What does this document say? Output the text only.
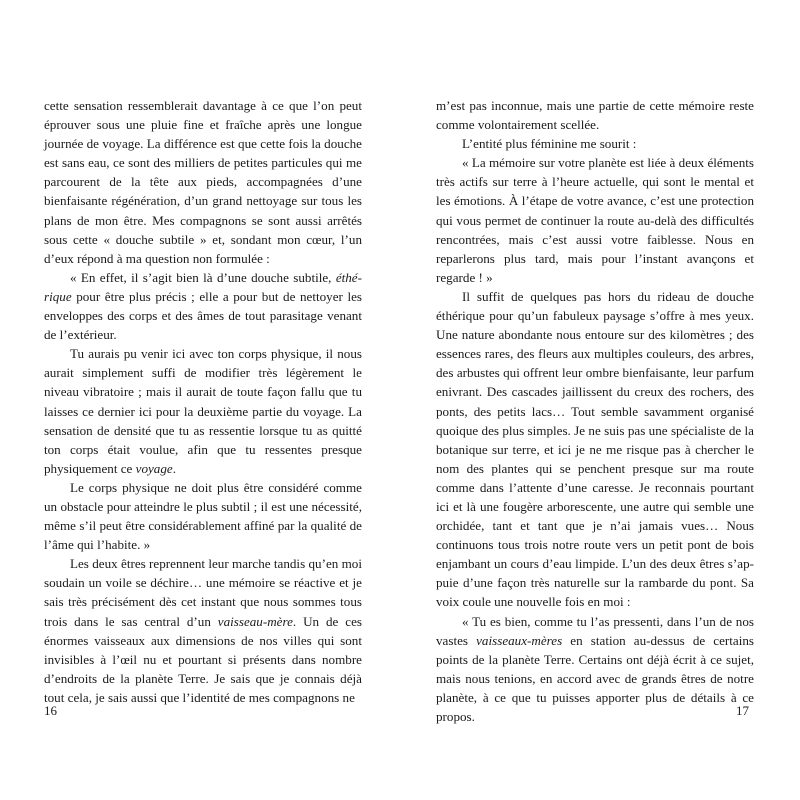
cette sensation ressemblerait davantage à ce que l’on peut éprouver sous une pluie fine et fraîche après une longue journée de voyage. La différence est que cette fois la douche est sans eau, ce sont des milliers de petites particules qui me parcourent de la tête aux pieds, accompagnées d’une bienfaisante régénération, d’un grand nettoyage sur tous les plans de mon être. Mes compagnons se sont aussi arrêtés sous cette « douche subtile » et, sondant mon cœur, l’un d’eux répond à ma question non formulée :

« En effet, il s’agit bien là d’une douche subtile, éthérique pour être plus précis ; elle a pour but de nettoyer les enveloppes des corps et des âmes de tout parasitage venant de l’extérieur.

Tu aurais pu venir ici avec ton corps physique, il nous aurait simplement suffi de modifier très légèrement le niveau vibratoire ; mais il aurait de toute façon fallu que tu laisses ce dernier ici pour la deuxième partie du voyage. La sensation de densité que tu as ressentie lorsque tu as quitté ton corps était voulue, afin que tu ressentes presque physiquement ce voyage.

Le corps physique ne doit plus être considéré comme un obstacle pour atteindre le plus subtil ; il est une nécessité, même s’il peut être considérablement affiné par la qualité de l’âme qui l’habite. »

Les deux êtres reprennent leur marche tandis qu’en moi soudain un voile se déchire… une mémoire se réactive et je sais très précisément dès cet instant que nous sommes tous trois dans le sas central d’un vaisseau-mère. Un de ces énormes vaisseaux aux dimensions de nos villes qui sont invisibles à l’œil nu et pourtant si présents dans nombre d’endroits de la planète Terre. Je sais que je connais déjà tout cela, je sais aussi que l’identité de mes compagnons ne

16

m’est pas inconnue, mais une partie de cette mémoire reste comme volontairement scellée.

L’entité plus féminine me sourit :

« La mémoire sur votre planète est liée à deux éléments très actifs sur terre à l’heure actuelle, qui sont le mental et les émotions. À l’étape de votre avance, c’est une protection qui vous permet de continuer la route au-delà des difficultés rencontrées, mais c’est aussi votre faiblesse. Nous en reparlerons plus tard, mais pour l’instant avançons et regarde ! »

Il suffit de quelques pas hors du rideau de douche éthérique pour qu’un fabuleux paysage s’offre à mes yeux. Une nature abondante nous entoure sur des kilomètres ; des essences rares, des fleurs aux multiples couleurs, des arbres, des arbustes qui offrent leur ombre bienfaisante, leur parfum enivrant. Des cascades jaillissent du creux des rochers, des ponts, des petits lacs… Tout semble savamment organisé quoique des plus simples. Je ne suis pas une spécialiste de la botanique sur terre, et ici je ne me risque pas à chercher le nom des plantes qui se penchent presque sur ma route comme dans l’attente d’une caresse. Je reconnais pourtant ici et là une fougère arborescente, une autre qui semble une orchidée, tant et tant que je n’ai jamais vues… Nous continuons tous trois notre route vers un petit pont de bois enjambant un cours d’eau limpide. L’un des deux êtres s’appuie d’une façon très naturelle sur la rambarde du pont. Sa voix coule une nouvelle fois en moi :

« Tu es bien, comme tu l’as pressenti, dans l’un de nos vastes vaisseaux-mères en station au-dessus de certains points de la planète Terre. Certains ont déjà écrit à ce sujet, mais nous tenions, en accord avec de grands êtres de notre planète, à ce que tu puisses apporter plus de détails à ce propos.	17
